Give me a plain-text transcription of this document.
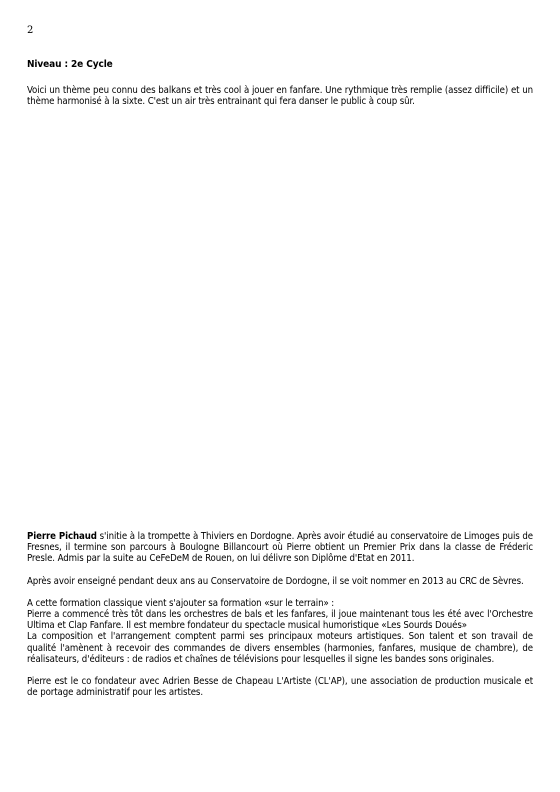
2
Niveau : 2e Cycle
Voici un thème peu connu des balkans et très cool à jouer en fanfare. Une rythmique très remplie (assez difficile) et un thème harmonisé à la sixte. C'est un air très entrainant qui fera danser le public à coup sûr.

Pierre Pichaud s'initie à la trompette à Thiviers en Dordogne. Après avoir étudié au conservatoire de Limoges puis de Fresnes, il termine son parcours à Boulogne Billancourt où Pierre obtient un Premier Prix dans la classe de Fréderic Presle. Admis par la suite au CeFeDeM de Rouen, on lui délivre son Diplôme d'Etat en 2011.

Après avoir enseigné pendant deux ans au Conservatoire de Dordogne, il se voit nommer en 2013 au CRC de Sèvres.

A cette formation classique vient s'ajouter sa formation «sur le terrain» :

Pierre a commencé très tôt dans les orchestres de bals et les fanfares, il joue maintenant tous les été avec l'Orchestre Ultima et Clap Fanfare. Il est membre fondateur du spectacle musical humoristique «Les Sourds Doués»

La composition et l'arrangement comptent parmi ses principaux moteurs artistiques. Son talent et son travail de qualité l'amènent à recevoir des commandes de divers ensembles (harmonies, fanfares, musique de chambre), de réalisateurs, d'éditeurs : de radios et chaînes de télévisions pour lesquelles il signe les bandes sons originales.

Pierre est le co fondateur avec Adrien Besse de Chapeau L'Artiste (CL'AP), une association de production musicale et de portage administratif pour les artistes.
